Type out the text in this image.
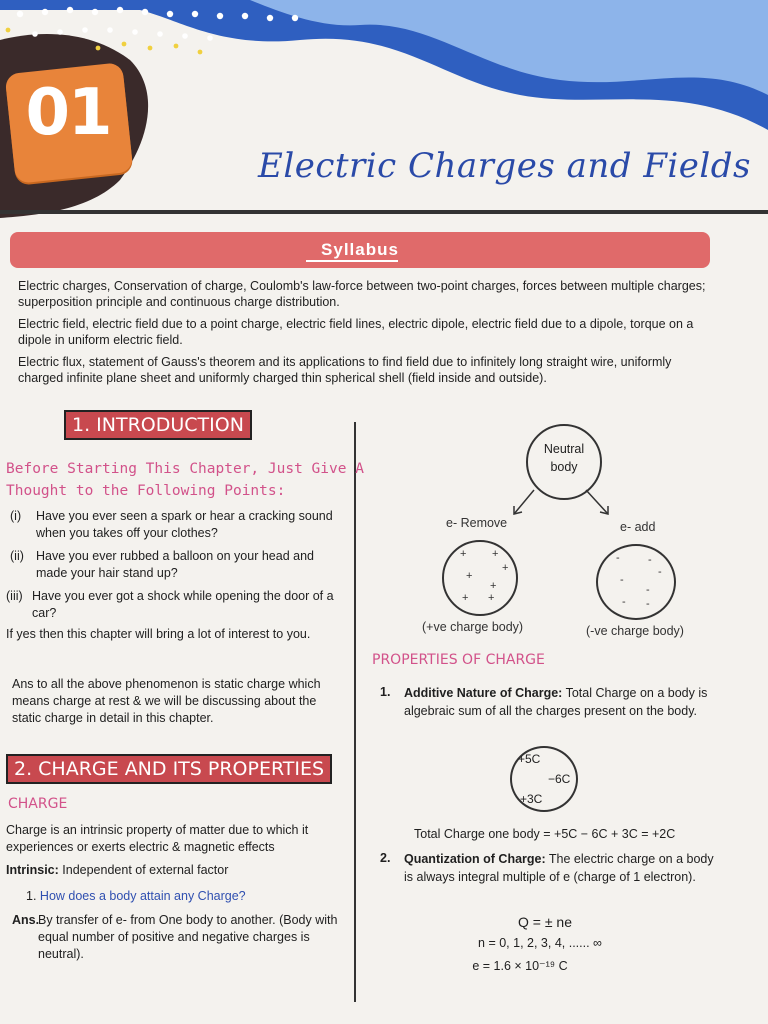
01
Electric Charges and Fields
Syllabus
Electric charges, Conservation of charge, Coulomb's law-force between two-point charges, forces between multiple charges; superposition principle and continuous charge distribution.
Electric field, electric field due to a point charge, electric field lines, electric dipole, electric field due to a dipole, torque on a dipole in uniform electric field.
Electric flux, statement of Gauss's theorem and its applications to find field due to infinitely long straight wire, uniformly charged infinite plane sheet and uniformly charged thin spherical shell (field inside and outside).
1. INTRODUCTION
Before Starting This Chapter, Just Give A
Thought to the Following Points:
(i) Have you ever seen a spark or hear a cracking sound when you takes off your clothes?
(ii) Have you ever rubbed a balloon on your head and made your hair stand up?
(iii) Have you ever got a shock while opening the door of a car?
If yes then this chapter will bring a lot of interest to you.
Ans to all the above phenomenon is static charge which means charge at rest & we will be discussing about the static charge in detail in this chapter.
2. CHARGE AND ITS PROPERTIES
CHARGE
Charge is an intrinsic property of matter due to which it experiences or exerts electric & magnetic effects
Intrinsic: Independent of external factor
1. How does a body attain any Charge?
Ans.
By transfer of e- from One body to another. (Body with equal number of positive and negative charges is neutral).
Neutral
body
e- Remove	e- add
+ +
+
+
+
+ +
-	-
-
-
-
- -
(+ve charge body)	(-ve charge body)
PROPERTIES OF CHARGE
1. Additive Nature of Charge: Total Charge on a body is algebraic sum of all the charges present on the body.
+5C
−6C
+3C
Total Charge one body = +5C − 6C + 3C = +2C
2. Quantization of Charge: The electric charge on a body is always integral multiple of e (charge of 1 electron).
Q = ± ne
n = 0, 1, 2, 3, 4, ...... ∞
e = 1.6 × 10⁻¹⁹ C
